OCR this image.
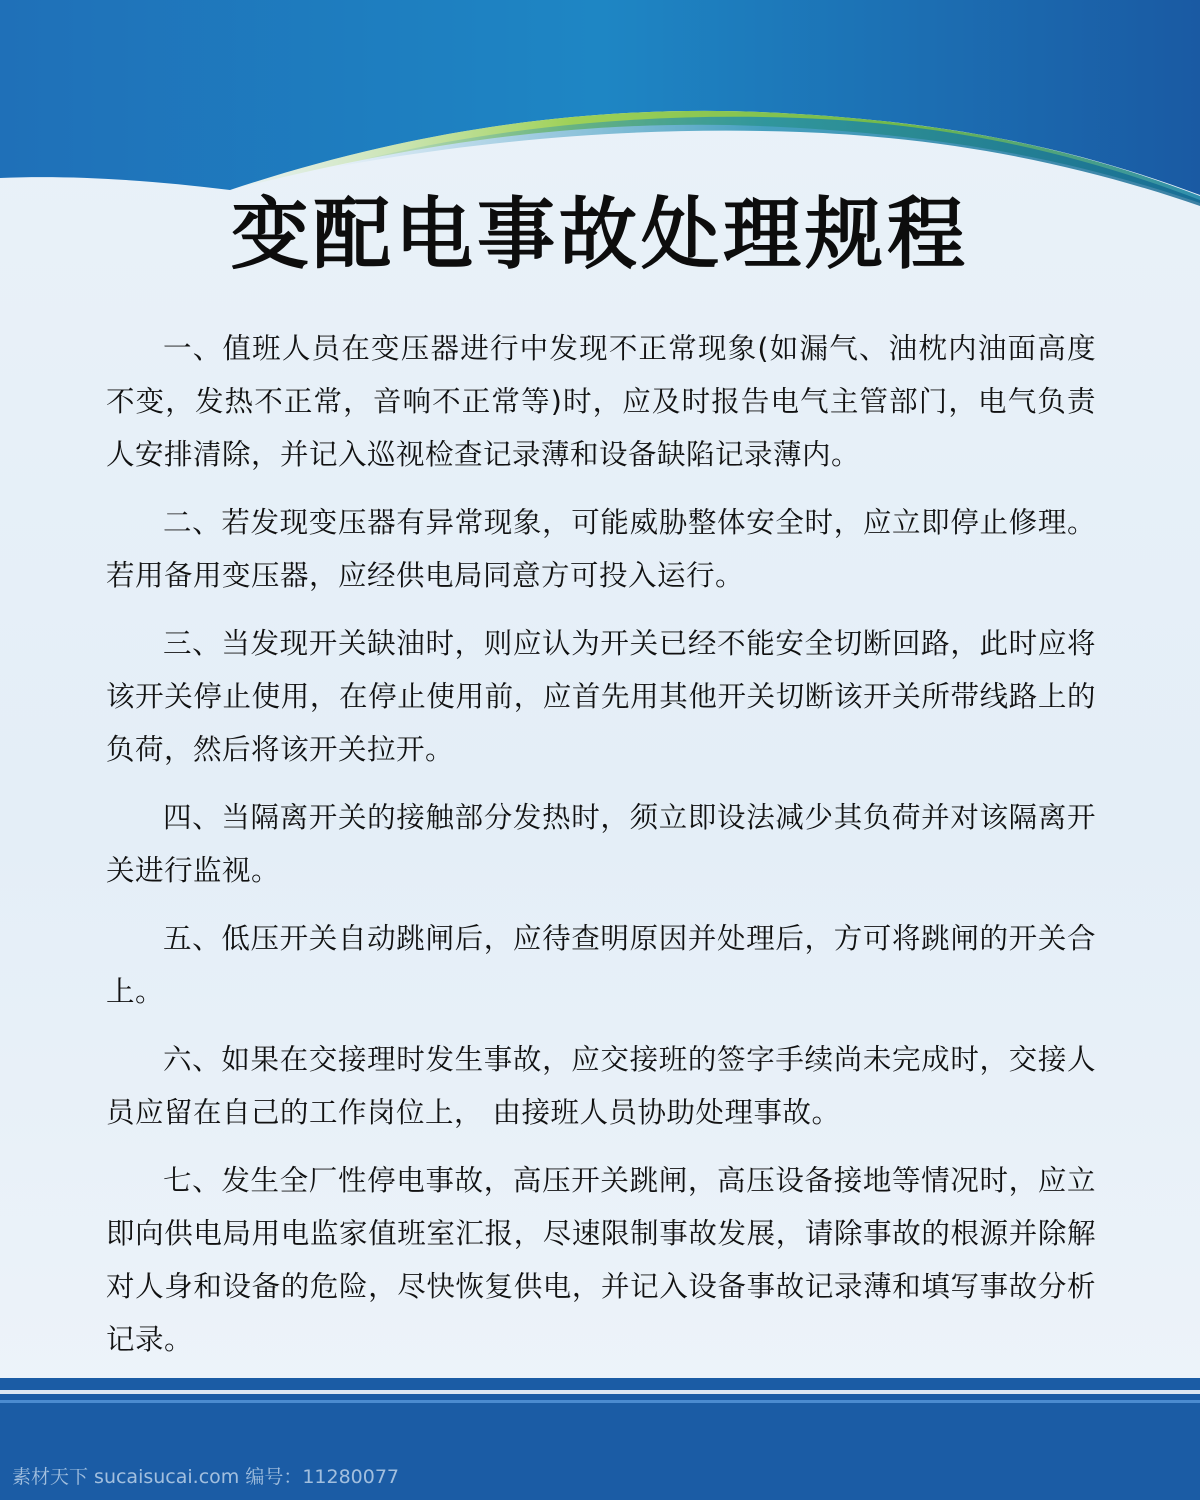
变配电事故处理规程

一、值班人员在变压器进行中发现不正常现象(如漏气、油枕内油面高度不变，发热不正常，音响不正常等)时，应及时报告电气主管部门，电气负责人安排清除，并记入巡视检查记录薄和设备缺陷记录薄内。

二、若发现变压器有异常现象，可能威胁整体安全时，应立即停止修理。若用备用变压器，应经供电局同意方可投入运行。

三、当发现开关缺油时，则应认为开关已经不能安全切断回路，此时应将该开关停止使用，在停止使用前，应首先用其他开关切断该开关所带线路上的负荷，然后将该开关拉开。

四、当隔离开关的接触部分发热时，须立即设法减少其负荷并对该隔离开关进行监视。

五、低压开关自动跳闸后，应待查明原因并处理后，方可将跳闸的开关合上。

六、如果在交接理时发生事故，应交接班的签字手续尚未完成时，交接人员应留在自己的工作岗位上， 由接班人员协助处理事故。

七、发生全厂性停电事故，高压开关跳闸，高压设备接地等情况时，应立即向供电局用电监家值班室汇报，尽速限制事故发展，请除事故的根源并除解对人身和设备的危险，尽快恢复供电，并记入设备事故记录薄和填写事故分析记录。

素材天下 sucaisucai.com 编号：11280077
